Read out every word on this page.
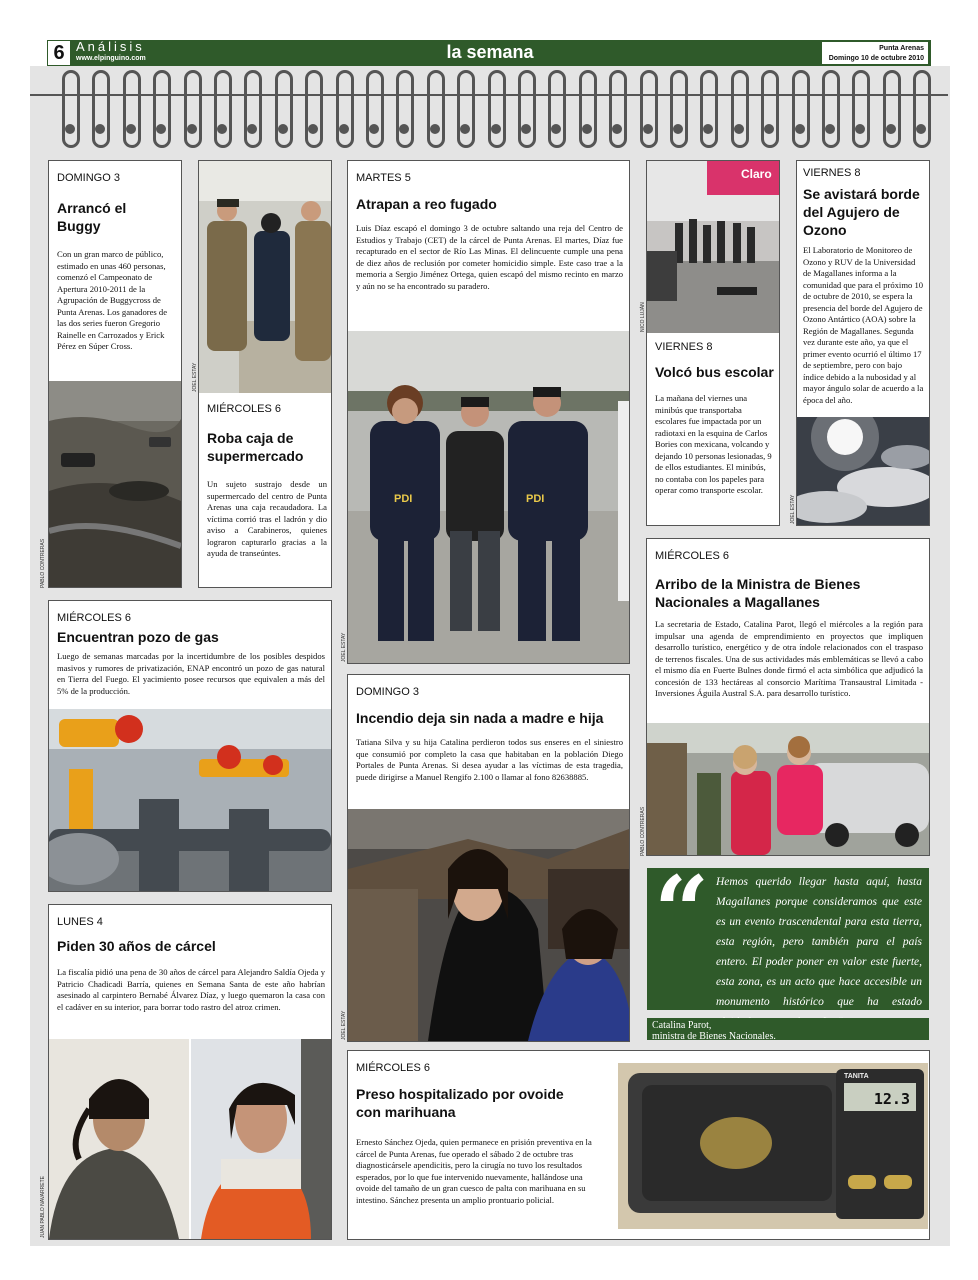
6 Análisis
www.elpinguino.com	la semana	Punta Arenas
Domingo 10 de octubre 2010
DOMINGO 3
Arrancó el Buggy
Con un gran marco de público, estimado en unas 460 personas, comenzó el Campeonato de Apertura 2010-2011 de la Agrupación de Buggycross de Punta Arenas. Los ganadores de las dos series fueron Gregorio Rainelle en Carrozados y Erick Pérez en Súper Cross.
PABLO CONTRERAS
MIÉRCOLES 6
Roba caja de supermercado
Un sujeto sustrajo desde un supermercado del centro de Punta Arenas una caja recaudadora. La víctima corrió tras el ladrón y dio aviso a Carabineros, quienes lograron capturarlo gracias a la ayuda de transeúntes.
JOEL ESTAY
MARTES 5
Atrapan a reo fugado
Luis Díaz escapó el domingo 3 de octubre saltando una reja del Centro de Estudios y Trabajo (CET) de la cárcel de Punta Arenas. El martes, Díaz fue recapturado en el sector de Río Las Minas. El delincuente cumple una pena de diez años de reclusión por cometer homicidio simple. Este caso trae a la memoria a Sergio Jiménez Ortega, quien escapó del mismo recinto en marzo y aún no se ha encontrado su paradero.
PDI	PDI
JOEL ESTAY
Claro
VIERNES 8
Volcó bus escolar
La mañana del viernes una minibús que transportaba escolares fue impactada por un radiotaxi en la esquina de Carlos Bories con mexicana, volcando y dejando 10 personas lesionadas, 9 de ellos estudiantes. El minibús, no contaba con los papeles para operar como transporte escolar.
NICO LUJÁN
VIERNES 8
Se avistará borde del Agujero de Ozono
El Laboratorio de Monitoreo de Ozono y RUV de la Universidad de Magallanes informa a la comunidad que para el próximo 10 de octubre de 2010, se espera la presencia del borde del Agujero de Ozono Antártico (AOA) sobre la Región de Magallanes. Segunda vez durante este año, ya que el primer evento ocurrió el último 17 de septiembre, pero con bajo índice debido a la nubosidad y al mayor ángulo solar de acuerdo a la época del año.
JOEL ESTAY
MIÉRCOLES 6
Encuentran pozo de gas
Luego de semanas marcadas por la incertidumbre de los posibles despidos masivos y rumores de privatización, ENAP encontró un pozo de gas natural en Tierra del Fuego. El yacimiento posee recursos que equivalen a más del 5% de la producción.
MIÉRCOLES 6
Arribo de la Ministra de Bienes Nacionales a Magallanes
La secretaria de Estado, Catalina Parot, llegó el miércoles a la región para impulsar una agenda de emprendimiento en proyectos que impliquen desarrollo turístico, energético y de otra índole relacionados con el traspaso de terrenos fiscales. Una de sus actividades más emblemáticas se llevó a cabo el mismo día en Fuerte Bulnes donde firmó el acta simbólica que adjudicó la concesión de 133 hectáreas al consorcio Marítima Transaustral Limitada - Inversiones Águila Austral S.A. para desarrollo turístico.
PABLO CONTRERAS
DOMINGO 3
Incendio deja sin nada a madre e hija
Tatiana Silva y su hija Catalina perdieron todos sus enseres en el siniestro que consumió por completo la casa que habitaban en la población Diego Portales de Punta Arenas. Si desea ayudar a las víctimas de esta tragedia, puede dirigirse a Manuel Rengifo 2.100 o llamar al fono 82638885.
JOEL ESTAY
“ Hemos querido llegar hasta aquí, hasta Magallanes porque consideramos que este es un evento trascendental para esta tierra, esta región, pero también para el país entero. El poder poner en valor este fuerte, esta zona, es un acto que hace accesible un monumento histórico que ha estado
Catalina Parot,
ministra de Bienes Nacionales.
LUNES 4
Piden 30 años de cárcel
La fiscalía pidió una pena de 30 años de cárcel para Alejandro Saldía Ojeda y Patricio Chadicadi Barría, quienes en Semana Santa de este año habrían asesinado al carpintero Bernabé Álvarez Díaz, y luego quemaron la casa con el cadáver en su interior, para borrar todo rastro del atroz crimen.
JUAN PABLO NAVARRETE
MIÉRCOLES 6
Preso hospitalizado por ovoide con marihuana
Ernesto Sánchez Ojeda, quien permanece en prisión preventiva en la cárcel de Punta Arenas, fue operado el sábado 2 de octubre tras diagnosticársele apendicitis, pero la cirugía no tuvo los resultados esperados, por lo que fue intervenido nuevamente, hallándose una ovoide del tamaño de un gran cuesco de palta con marihuana en su intestino. Sánchez presenta un amplio prontuario policial.
12.3
TANITA
